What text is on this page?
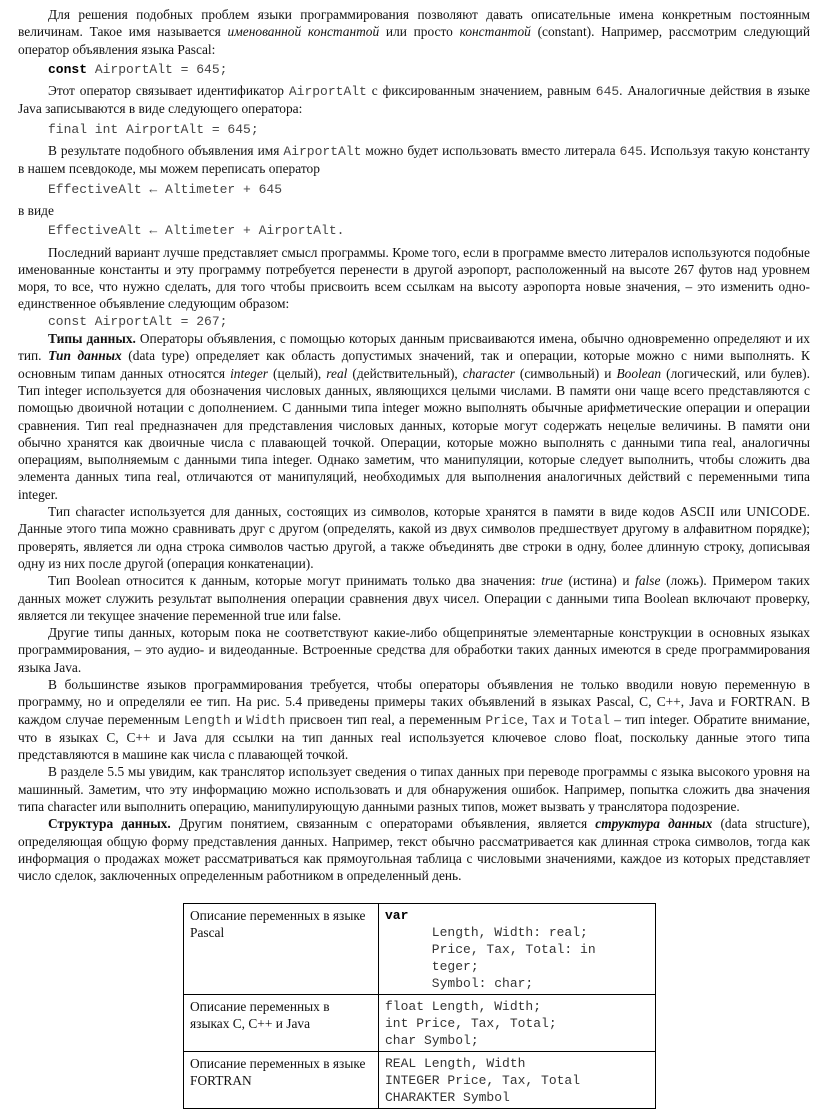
Для решения подобных проблем языки программирования позволяют давать описательные имена конкретным постоянным величинам. Такое имя называется именованной константой или просто константой (constant). Например, рассмотрим следующий оператор объявления языка Pascal:

const AirportAlt = 645;

Этот оператор связывает идентификатор AirportAlt с фиксированным значением, равным 645. Аналогичные действия в языке Java записываются в виде следующего оператора:

final int AirportAlt = 645;

В результате подобного объявления имя AirportAlt можно будет использовать вместо литерала 645. Используя такую константу в нашем псевдокоде, мы можем переписать оператор

EffectiveAlt ← Altimeter + 645

в виде

EffectiveAlt ← Altimeter + AirportAlt.

Последний вариант лучше представляет смысл программы. Кроме того, если в программе вместо литералов используются подобные именованные константы и эту программу потребуется перенести в другой аэропорт, расположенный на высоте 267 футов над уровнем моря, то все, что нужно сделать, для того чтобы присвоить всем ссылкам на высоту аэропорта новые значения, – это изменить одно-единственное объявление следующим образом:

const AirportAlt = 267;

Типы данных. Операторы объявления, с помощью которых данным присваиваются имена, обычно одновременно определяют и их тип. Тип данных (data type) определяет как область допустимых значений, так и операции, которые можно с ними выполнять. К основным типам данных относятся integer (целый), real (действительный), character (символьный) и Boolean (логический, или булев). Тип integer используется для обозначения числовых данных, являющихся целыми числами. В памяти они чаще всего представляются с помощью двоичной нотации с дополнением. С данными типа integer можно выполнять обычные арифметические операции и операции сравнения. Тип real предназначен для представления числовых данных, которые могут содержать нецелые величины. В памяти они обычно хранятся как двоичные числа с плавающей точкой. Операции, которые можно выполнять с данными типа real, аналогичны операциям, выполняемым с данными типа integer. Однако заметим, что манипуляции, которые следует выполнить, чтобы сложить два элемента данных типа real, отличаются от манипуляций, необходимых для выполнения аналогичных действий с переменными типа integer.

Тип character используется для данных, состоящих из символов, которые хранятся в памяти в виде кодов ASCII или UNICODE. Данные этого типа можно сравнивать друг с другом (определять, какой из двух символов предшествует другому в алфавитном порядке); проверять, является ли одна строка символов частью другой, а также объединять две строки в одну, более длинную строку, дописывая одну из них после другой (операция конкатенации).

Тип Boolean относится к данным, которые могут принимать только два значения: true (истина) и false (ложь). Примером таких данных может служить результат выполнения операции сравнения двух чисел. Операции с данными типа Boolean включают проверку, является ли текущее значение переменной true или false.

Другие типы данных, которым пока не соответствуют какие-либо общепринятые элементарные конструкции в основных языках программирования, – это аудио- и видеоданные. Встроенные средства для обработки таких данных имеются в среде программирования языка Java.

В большинстве языков программирования требуется, чтобы операторы объявления не только вводили новую переменную в программу, но и определяли ее тип. На рис. 5.4 приведены примеры таких объявлений в языках Pascal, C, C++, Java и FORTRAN. В каждом случае переменным Length и Width присвоен тип real, а переменным Price, Tax и Total – тип integer. Обратите внимание, что в языках C, C++ и Java для ссылки на тип данных real используется ключевое слово float, поскольку данные этого типа представляются в машине как числа с плавающей точкой.

В разделе 5.5 мы увидим, как транслятор использует сведения о типах данных при переводе программы с языка высокого уровня на машинный. Заметим, что эту информацию можно использовать и для обнаружения ошибок. Например, попытка сложить два значения типа character или выполнить операцию, манипулирующую данными разных типов, может вызвать у транслятора подозрение.

Структура данных. Другим понятием, связанным с операторами объявления, является структура данных (data structure), определяющая общую форму представления данных. Например, текст обычно рассматривается как длинная строка символов, тогда как информация о продажах может рассматриваться как прямоугольная таблица с числовыми значениями, каждое из которых представляет число сделок, заключенных определенным работником в определенный день.

Описание переменных в языке Pascal	var
Length, Width: real;
Price, Tax, Total: in
teger;
Symbol: char;
Описание переменных в языках C, C++ и Java	float Length, Width;
int Price, Tax, Total;
char Symbol;
Описание переменных в языке FORTRAN	REAL Length, Width
INTEGER Price, Tax, Total
CHARAKTER Symbol
